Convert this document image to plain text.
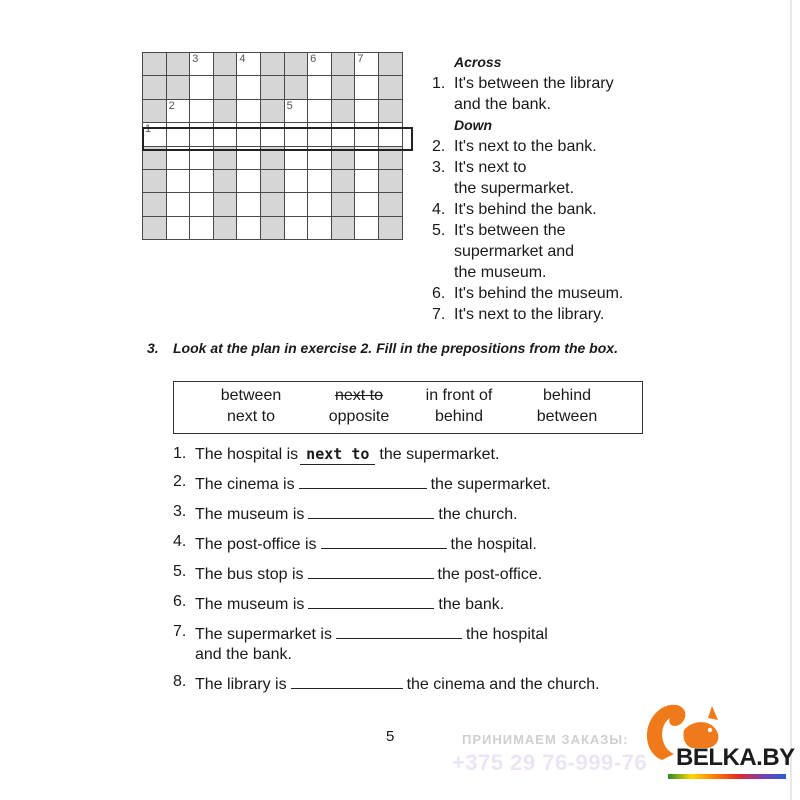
		3		4			6		7	

	2					5				

1										

Across
1. It's between the library
and the bank.
Down
2. It's next to the bank.
3. It's next to
the supermarket.
4. It's behind the bank.
5. It's between the
supermarket and
the museum.
6. It's behind the museum.
7. It's next to the library.
3. Look at the plan in exercise 2. Fill in the prepositions from the box.
between	next to	in front of	behind
next to	opposite	behind	between
1. The hospital is next to the supermarket.
2. The cinema is	the supermarket.
3. The museum is	the church.
4. The post-office is	the hospital.
5. The bus stop is	the post-office.
6. The museum is	the bank.
7. The supermarket is	the hospital
and the bank.
8. The library is	the cinema and the church.
5	ПРИНИМАЕМ ЗАКАЗЫ:
+375 29 76-999-76 BELKA.BY
